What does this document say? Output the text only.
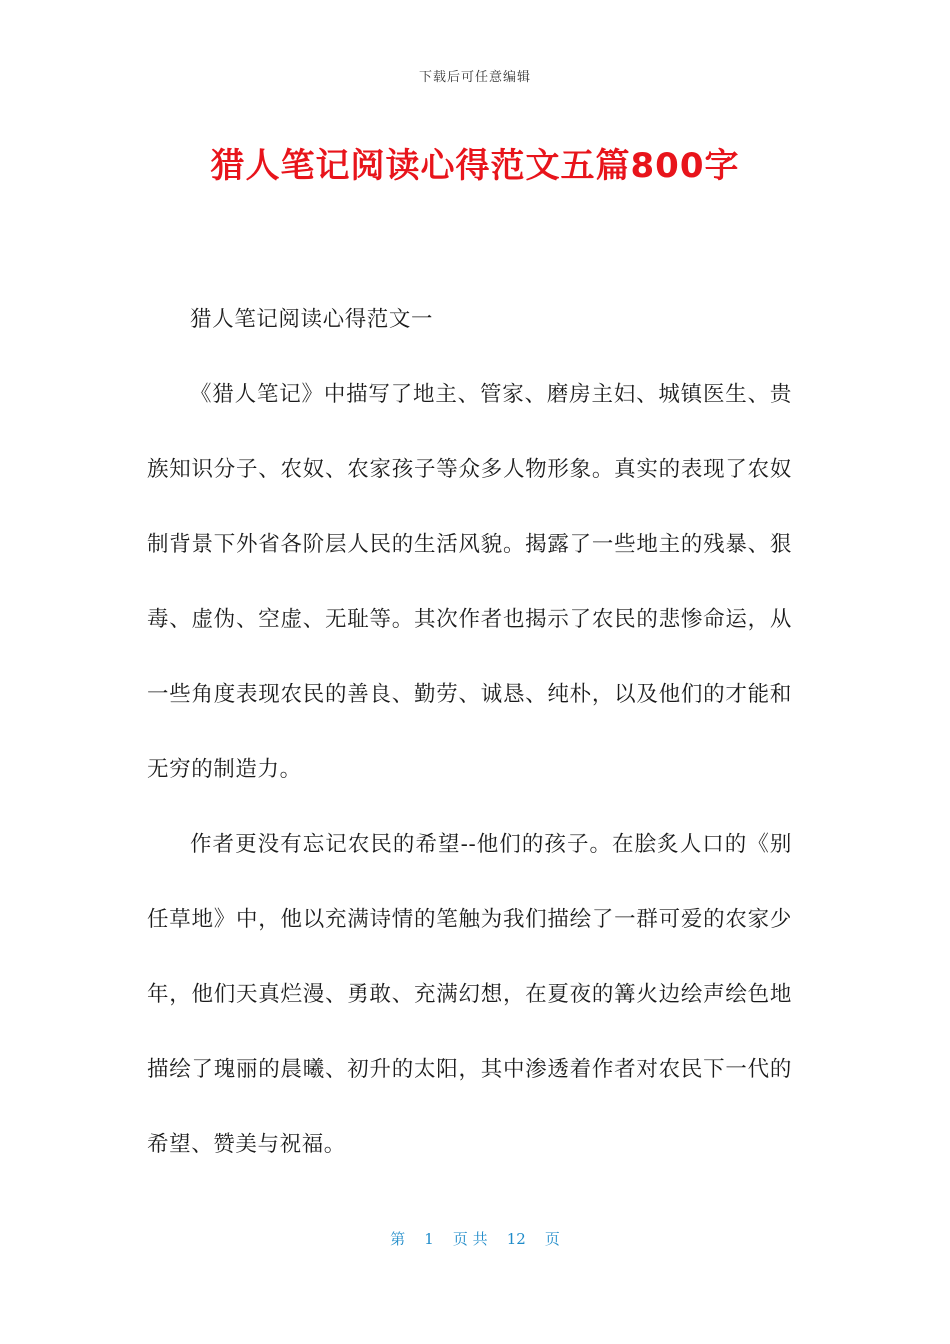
下载后可任意编辑
猎人笔记阅读心得范文五篇800字

猎人笔记阅读心得范文一

《猎人笔记》中描写了地主、管家、磨房主妇、城镇医生、贵族知识分子、农奴、农家孩子等众多人物形象。真实的表现了农奴制背景下外省各阶层人民的生活风貌。揭露了一些地主的残暴、狠毒、虚伪、空虚、无耻等。其次作者也揭示了农民的悲惨命运，从一些角度表现农民的善良、勤劳、诚恳、纯朴，以及他们的才能和无穷的制造力。

作者更没有忘记农民的希望--他们的孩子。在脍炙人口的《别任草地》中，他以充满诗情的笔触为我们描绘了一群可爱的农家少年，他们天真烂漫、勇敢、充满幻想，在夏夜的篝火边绘声绘色地描绘了瑰丽的晨曦、初升的太阳，其中渗透着作者对农民下一代的希望、赞美与祝福。

第 1 页 共 12 页
